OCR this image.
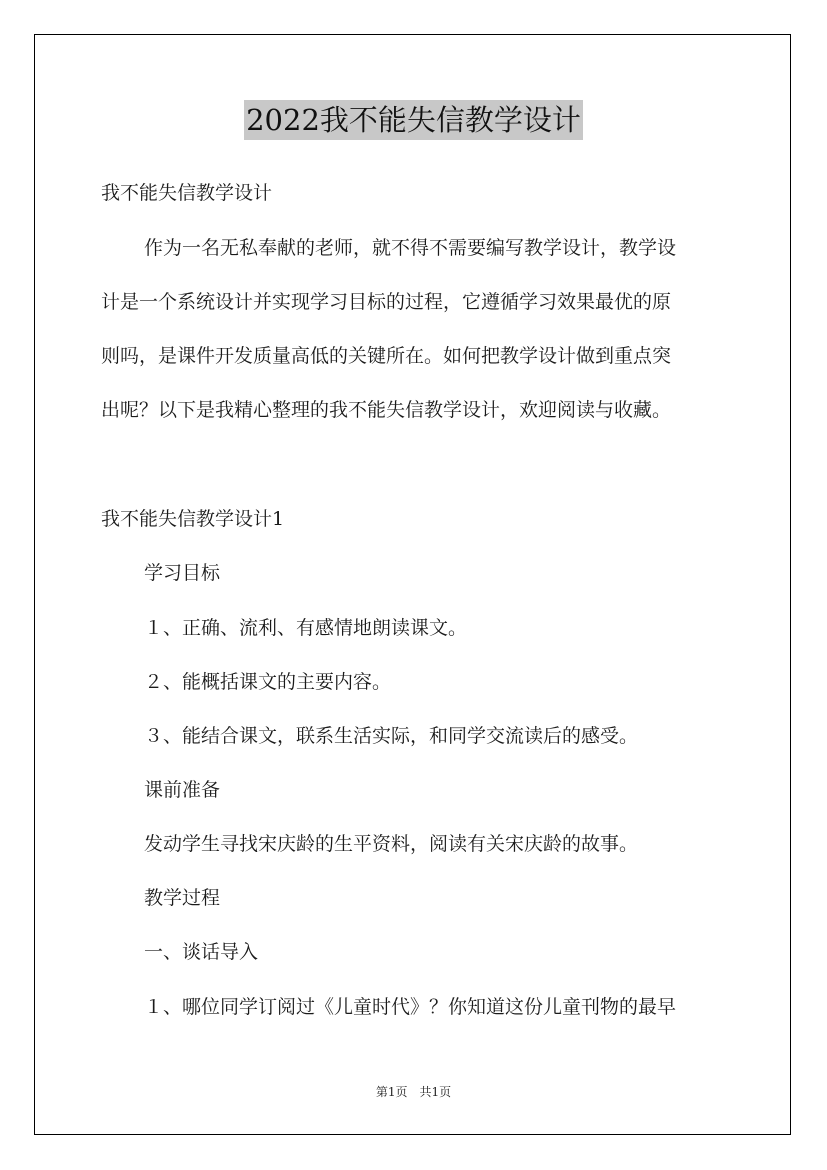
2022我不能失信教学设计
我不能失信教学设计
作为一名无私奉献的老师，就不得不需要编写教学设计，教学设
计是一个系统设计并实现学习目标的过程，它遵循学习效果最优的原
则吗，是课件开发质量高低的关键所在。如何把教学设计做到重点突
出呢？以下是我精心整理的我不能失信教学设计，欢迎阅读与收藏。
我不能失信教学设计1
学习目标
１、正确、流利、有感情地朗读课文。
２、能概括课文的主要内容。
３、能结合课文，联系生活实际，和同学交流读后的感受。
课前准备
发动学生寻找宋庆龄的生平资料，阅读有关宋庆龄的故事。
教学过程
一、谈话导入
１、哪位同学订阅过《儿童时代》？你知道这份儿童刊物的最早
第1页　共1页
